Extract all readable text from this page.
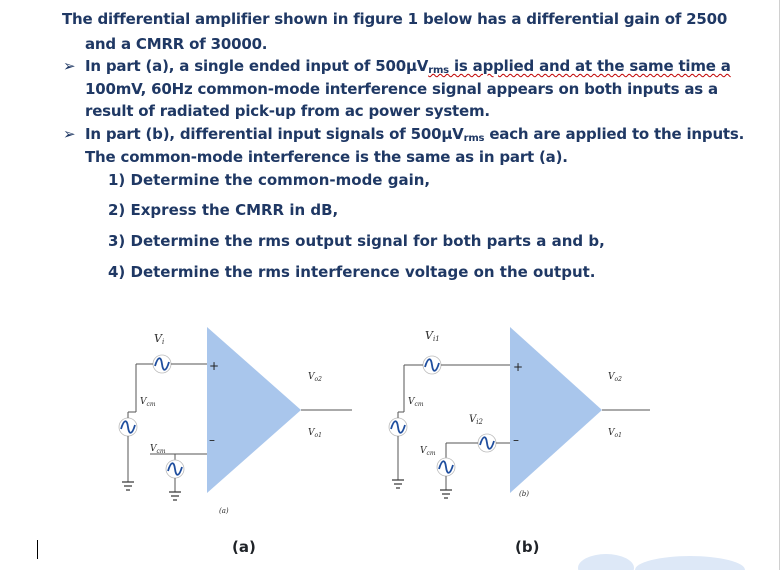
The differential amplifier shown in figure 1 below has a differential gain of 2500

and a CMRR of 30000.

➢ In part (a), a single ended input of 500µVrms is applied and at the same time a

100mV, 60Hz common-mode interference signal appears on both inputs as a

result of radiated pick-up from ac power system.

➢ In part (b), differential input signals of 500µVrms each are applied to the inputs.

The common-mode interference is the same as in part (a).

1) Determine the common-mode gain,

2) Express the CMRR in dB,

3) Determine the rms output signal for both parts a and b,

4) Determine the rms interference voltage on the output.

Vi
$V_{cm}$
$V_{cm}$
+
–
$V_{o2}$
$V_{o1}$
(a)
Vi1
$V_{cm}$
$V_{i2}$
$V_{cm}$
+
–
$V_{o2}$
$V_{o1}$
(b)
(a)	(b)
